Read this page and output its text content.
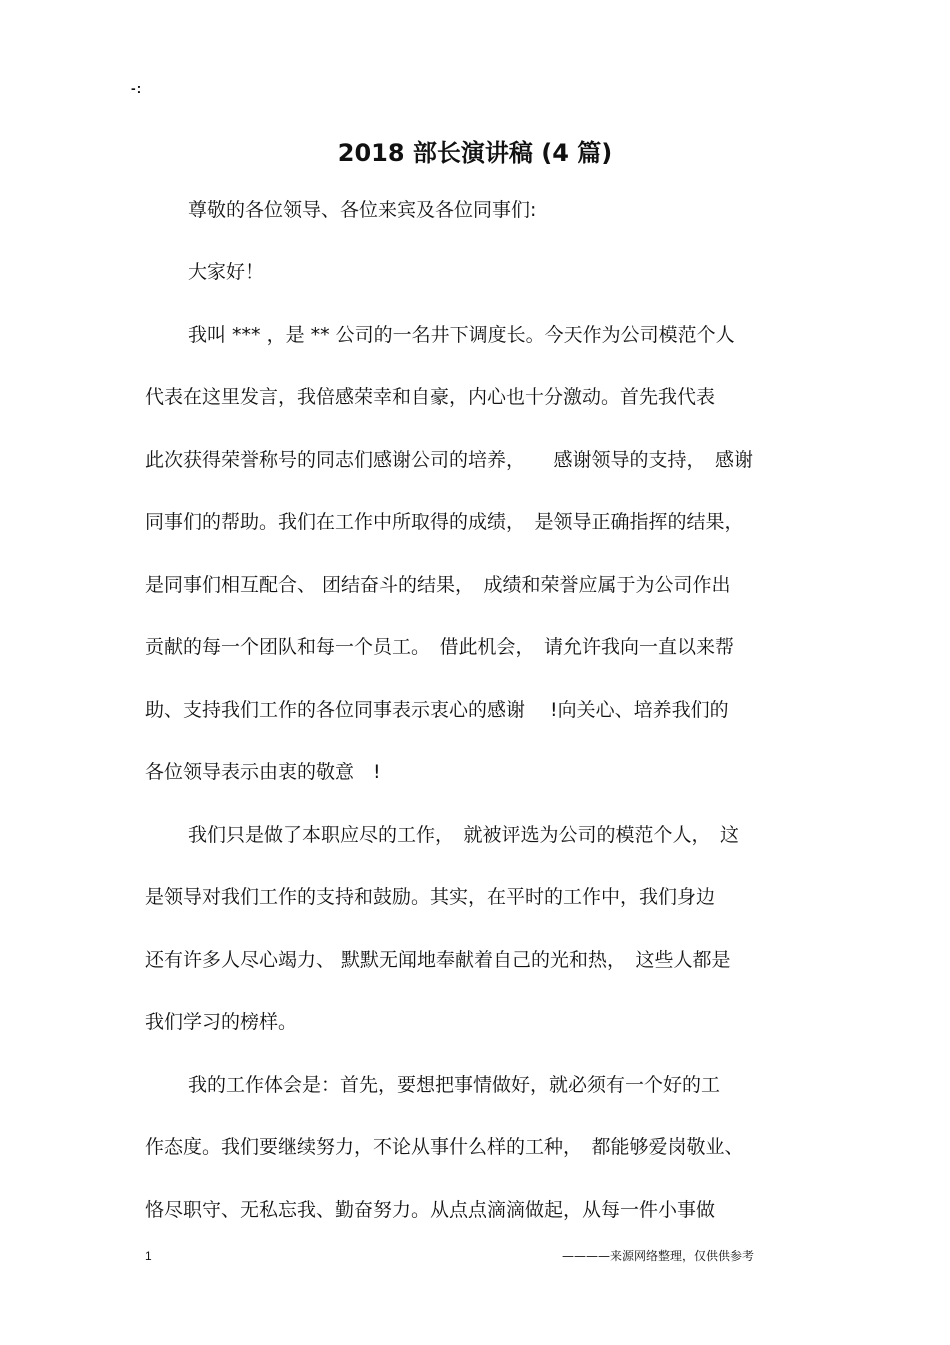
-:
2018 部长演讲稿 (4 篇)
尊敬的各位领导、各位来宾及各位同事们:
大家好！
我叫 *** ，是 ** 公司的一名井下调度长。今天作为公司模范个人
代表在这里发言，我倍感荣幸和自豪，内心也十分激动。首先我代表
此次获得荣誉称号的同志们感谢公司的培养，　　感谢领导的支持，　感谢
同事们的帮助。我们在工作中所取得的成绩，　是领导正确指挥的结果，
是同事们相互配合、 团结奋斗的结果，　成绩和荣誉应属于为公司作出
贡献的每一个团队和每一个员工。　借此机会，　请允许我向一直以来帮
助、支持我们工作的各位同事表示衷心的感谢　 !向关心、培养我们的
各位领导表示由衷的敬意　!
我们只是做了本职应尽的工作，　就被评选为公司的模范个人，　这
是领导对我们工作的支持和鼓励。其实，在平时的工作中，我们身边
还有许多人尽心竭力、 默默无闻地奉献着自己的光和热，　这些人都是
我们学习的榜样。
我的工作体会是：首先，要想把事情做好，就必须有一个好的工
作态度。我们要继续努力，不论从事什么样的工种，　都能够爱岗敬业、
恪尽职守、无私忘我、勤奋努力。从点点滴滴做起，从每一件小事做
1	————来源网络整理，仅供供参考
